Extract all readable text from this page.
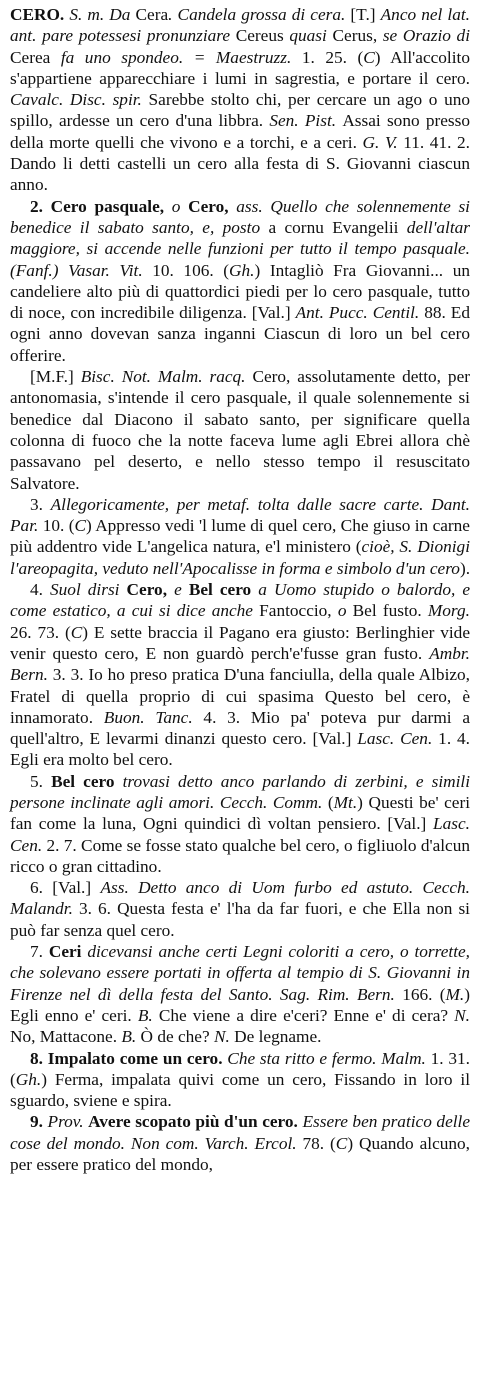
CERO. S. m. Da Cera. Candela grossa di cera. [T.] Anco nel lat. ant. pare potessesi pronunziare Cereus quasi Cerus, se Orazio di Cerea fa uno spondeo. = Maestruzz. 1. 25. (C) All'accolito s'appartiene apparecchiare i lumi in sagrestia, e portare il cero. Cavalc. Disc. spir. Sarebbe stolto chi, per cercare un ago o uno spillo, ardesse un cero d'una libbra. Sen. Pist. Assai sono presso della morte quelli che vivono e a torchi, e a ceri. G. V. 11. 41. 2. Dando li detti castelli un cero alla festa di S. Giovanni ciascun anno.

2. Cero pasquale, o Cero, ass. Quello che solennemente si benedice il sabato santo, e, posto a cornu Evangelii dell'altar maggiore, si accende nelle funzioni per tutto il tempo pasquale. (Fanf.) Vasar. Vit. 10. 106. (Gh.) Intagliò Fra Giovanni... un candeliere alto più di quattordici piedi per lo cero pasquale, tutto di noce, con incredibile diligenza. [Val.] Ant. Pucc. Centil. 88. Ed ogni anno dovevan sanza inganni Ciascun di loro un bel cero offerire.

[M.F.] Bisc. Not. Malm. racq. Cero, assolutamente detto, per antonomasia, s'intende il cero pasquale, il quale solennemente si benedice dal Diacono il sabato santo, per significare quella colonna di fuoco che la notte faceva lume agli Ebrei allora chè passavano pel deserto, e nello stesso tempo il resuscitato Salvatore.

3. Allegoricamente, per metaf. tolta dalle sacre carte. Dant. Par. 10. (C) Appresso vedi 'l lume di quel cero, Che giuso in carne più addentro vide L'angelica natura, e'l ministero (cioè, S. Dionigi l'areopagita, veduto nell'Apocalisse in forma e simbolo d'un cero).

4. Suol dirsi Cero, e Bel cero a Uomo stupido o balordo, e come estatico, a cui si dice anche Fantoccio, o Bel fusto. Morg. 26. 73. (C) E sette braccia il Pagano era giusto: Berlinghier vide venir questo cero, E non guardò perch'e'fusse gran fusto. Ambr. Bern. 3. 3. Io ho preso pratica D'una fanciulla, della quale Albizo, Fratel di quella proprio di cui spasima Questo bel cero, è innamorato. Buon. Tanc. 4. 3. Mio pa' poteva pur darmi a quell'altro, E levarmi dinanzi questo cero. [Val.] Lasc. Cen. 1. 4. Egli era molto bel cero.

5. Bel cero trovasi detto anco parlando di zerbini, e simili persone inclinate agli amori. Cecch. Comm. (Mt.) Questi be' ceri fan come la luna, Ogni quindici dì voltan pensiero. [Val.] Lasc. Cen. 2. 7. Come se fosse stato qualche bel cero, o figliuolo d'alcun ricco o gran cittadino.

6. [Val.] Ass. Detto anco di Uom furbo ed astuto. Cecch. Malandr. 3. 6. Questa festa e' l'ha da far fuori, e che Ella non si può far senza quel cero.

7. Ceri dicevansi anche certi Legni coloriti a cero, o torrette, che solevano essere portati in offerta al tempio di S. Giovanni in Firenze nel dì della festa del Santo. Sag. Rim. Bern. 166. (M.) Egli enno e' ceri. B. Che viene a dire e'ceri? Enne e' di cera? N. No, Mattacone. B. Ò de che? N. De legname.

8. Impalato come un cero. Che sta ritto e fermo. Malm. 1. 31. (Gh.) Ferma, impalata quivi come un cero, Fissando in loro il sguardo, sviene e spira.

9. Prov. Avere scopato più d'un cero. Essere ben pratico delle cose del mondo. Non com. Varch. Ercol. 78. (C) Quando alcuno, per essere pratico del mondo,
